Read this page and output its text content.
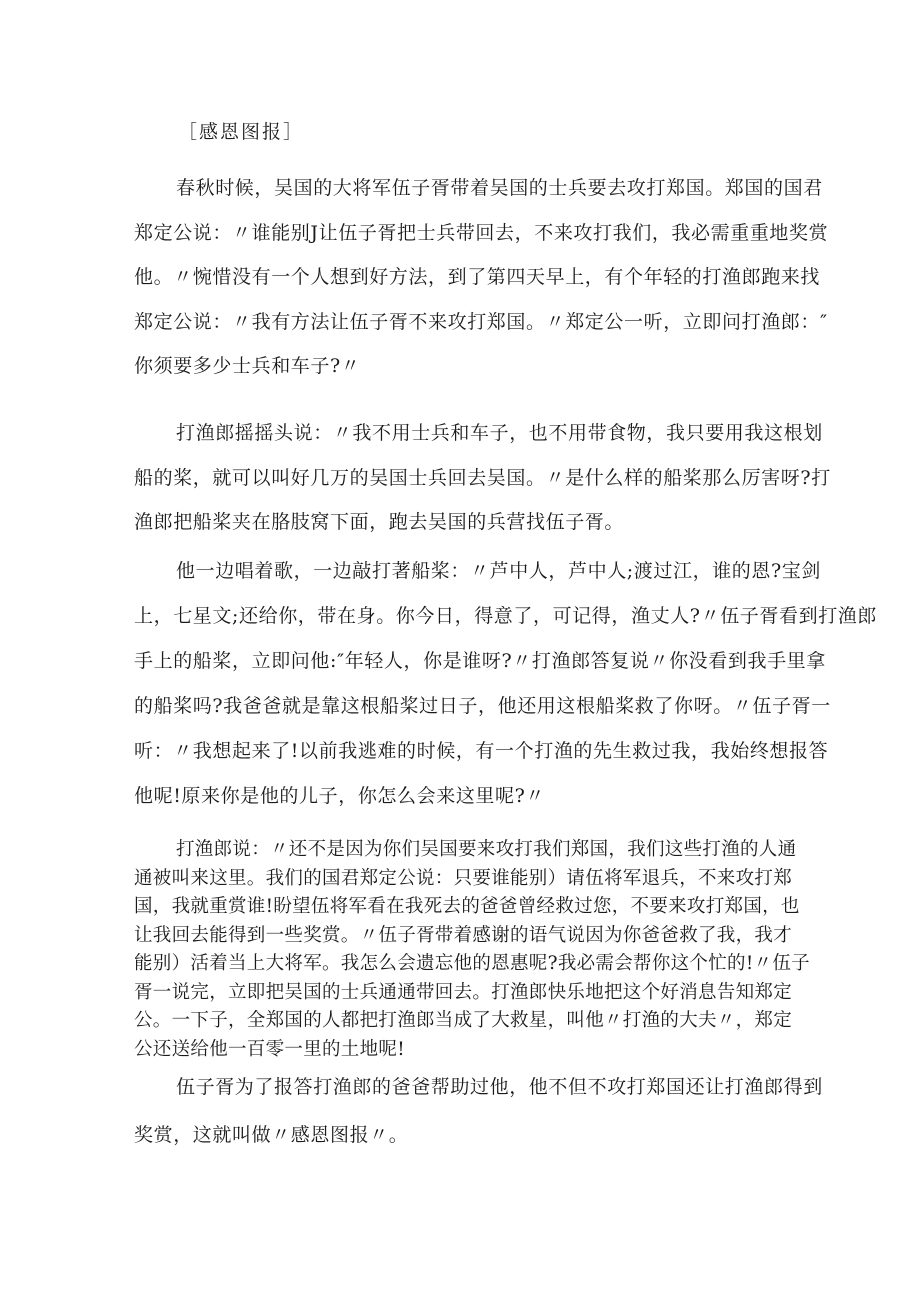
［感恩图报］
春秋时候，吴国的大将军伍子胥带着吴国的士兵要去攻打郑国。郑国的国君
郑定公说：〃谁能别J让伍子胥把士兵带回去，不来攻打我们，我必需重重地奖赏
他。〃惋惜没有一个人想到好方法，到了第四天早上，有个年轻的打渔郎跑来找
郑定公说：〃我有方法让伍子胥不来攻打郑国。〃郑定公一听，立即问打渔郎：″
你须要多少士兵和车子?〃
打渔郎摇摇头说：〃我不用士兵和车子，也不用带食物，我只要用我这根划
船的桨，就可以叫好几万的吴国士兵回去吴国。〃是什么样的船桨那么厉害呀?打
渔郎把船桨夹在胳肢窝下面，跑去吴国的兵营找伍子胥。
他一边唱着歌，一边敲打著船桨：〃芦中人，芦中人;渡过江，谁的恩?宝剑
上，七星文;还给你，带在身。你今日，得意了，可记得，渔丈人?〃伍子胥看到打渔郎
手上的船桨，立即问他:″年轻人，你是谁呀?〃打渔郎答复说〃你没看到我手里拿
的船桨吗?我爸爸就是靠这根船桨过日子，他还用这根船桨救了你呀。〃伍子胥一
听：〃我想起来了!以前我逃难的时候，有一个打渔的先生救过我，我始终想报答
他呢!原来你是他的儿子，你怎么会来这里呢?〃
打渔郎说：〃还不是因为你们吴国要来攻打我们郑国，我们这些打渔的人通
通被叫来这里。我们的国君郑定公说：只要谁能别）请伍将军退兵，不来攻打郑
国，我就重赏谁!盼望伍将军看在我死去的爸爸曾经救过您，不要来攻打郑国，也
让我回去能得到一些奖赏。〃伍子胥带着感谢的语气说因为你爸爸救了我，我才
能别）活着当上大将军。我怎么会遗忘他的恩惠呢?我必需会帮你这个忙的!〃伍子
胥一说完，立即把吴国的士兵通通带回去。打渔郎快乐地把这个好消息告知郑定
公。一下子，全郑国的人都把打渔郎当成了大救星，叫他〃打渔的大夫〃，郑定
公还送给他一百零一里的土地呢!
伍子胥为了报答打渔郎的爸爸帮助过他，他不但不攻打郑国还让打渔郎得到
奖赏，这就叫做〃感恩图报〃。
